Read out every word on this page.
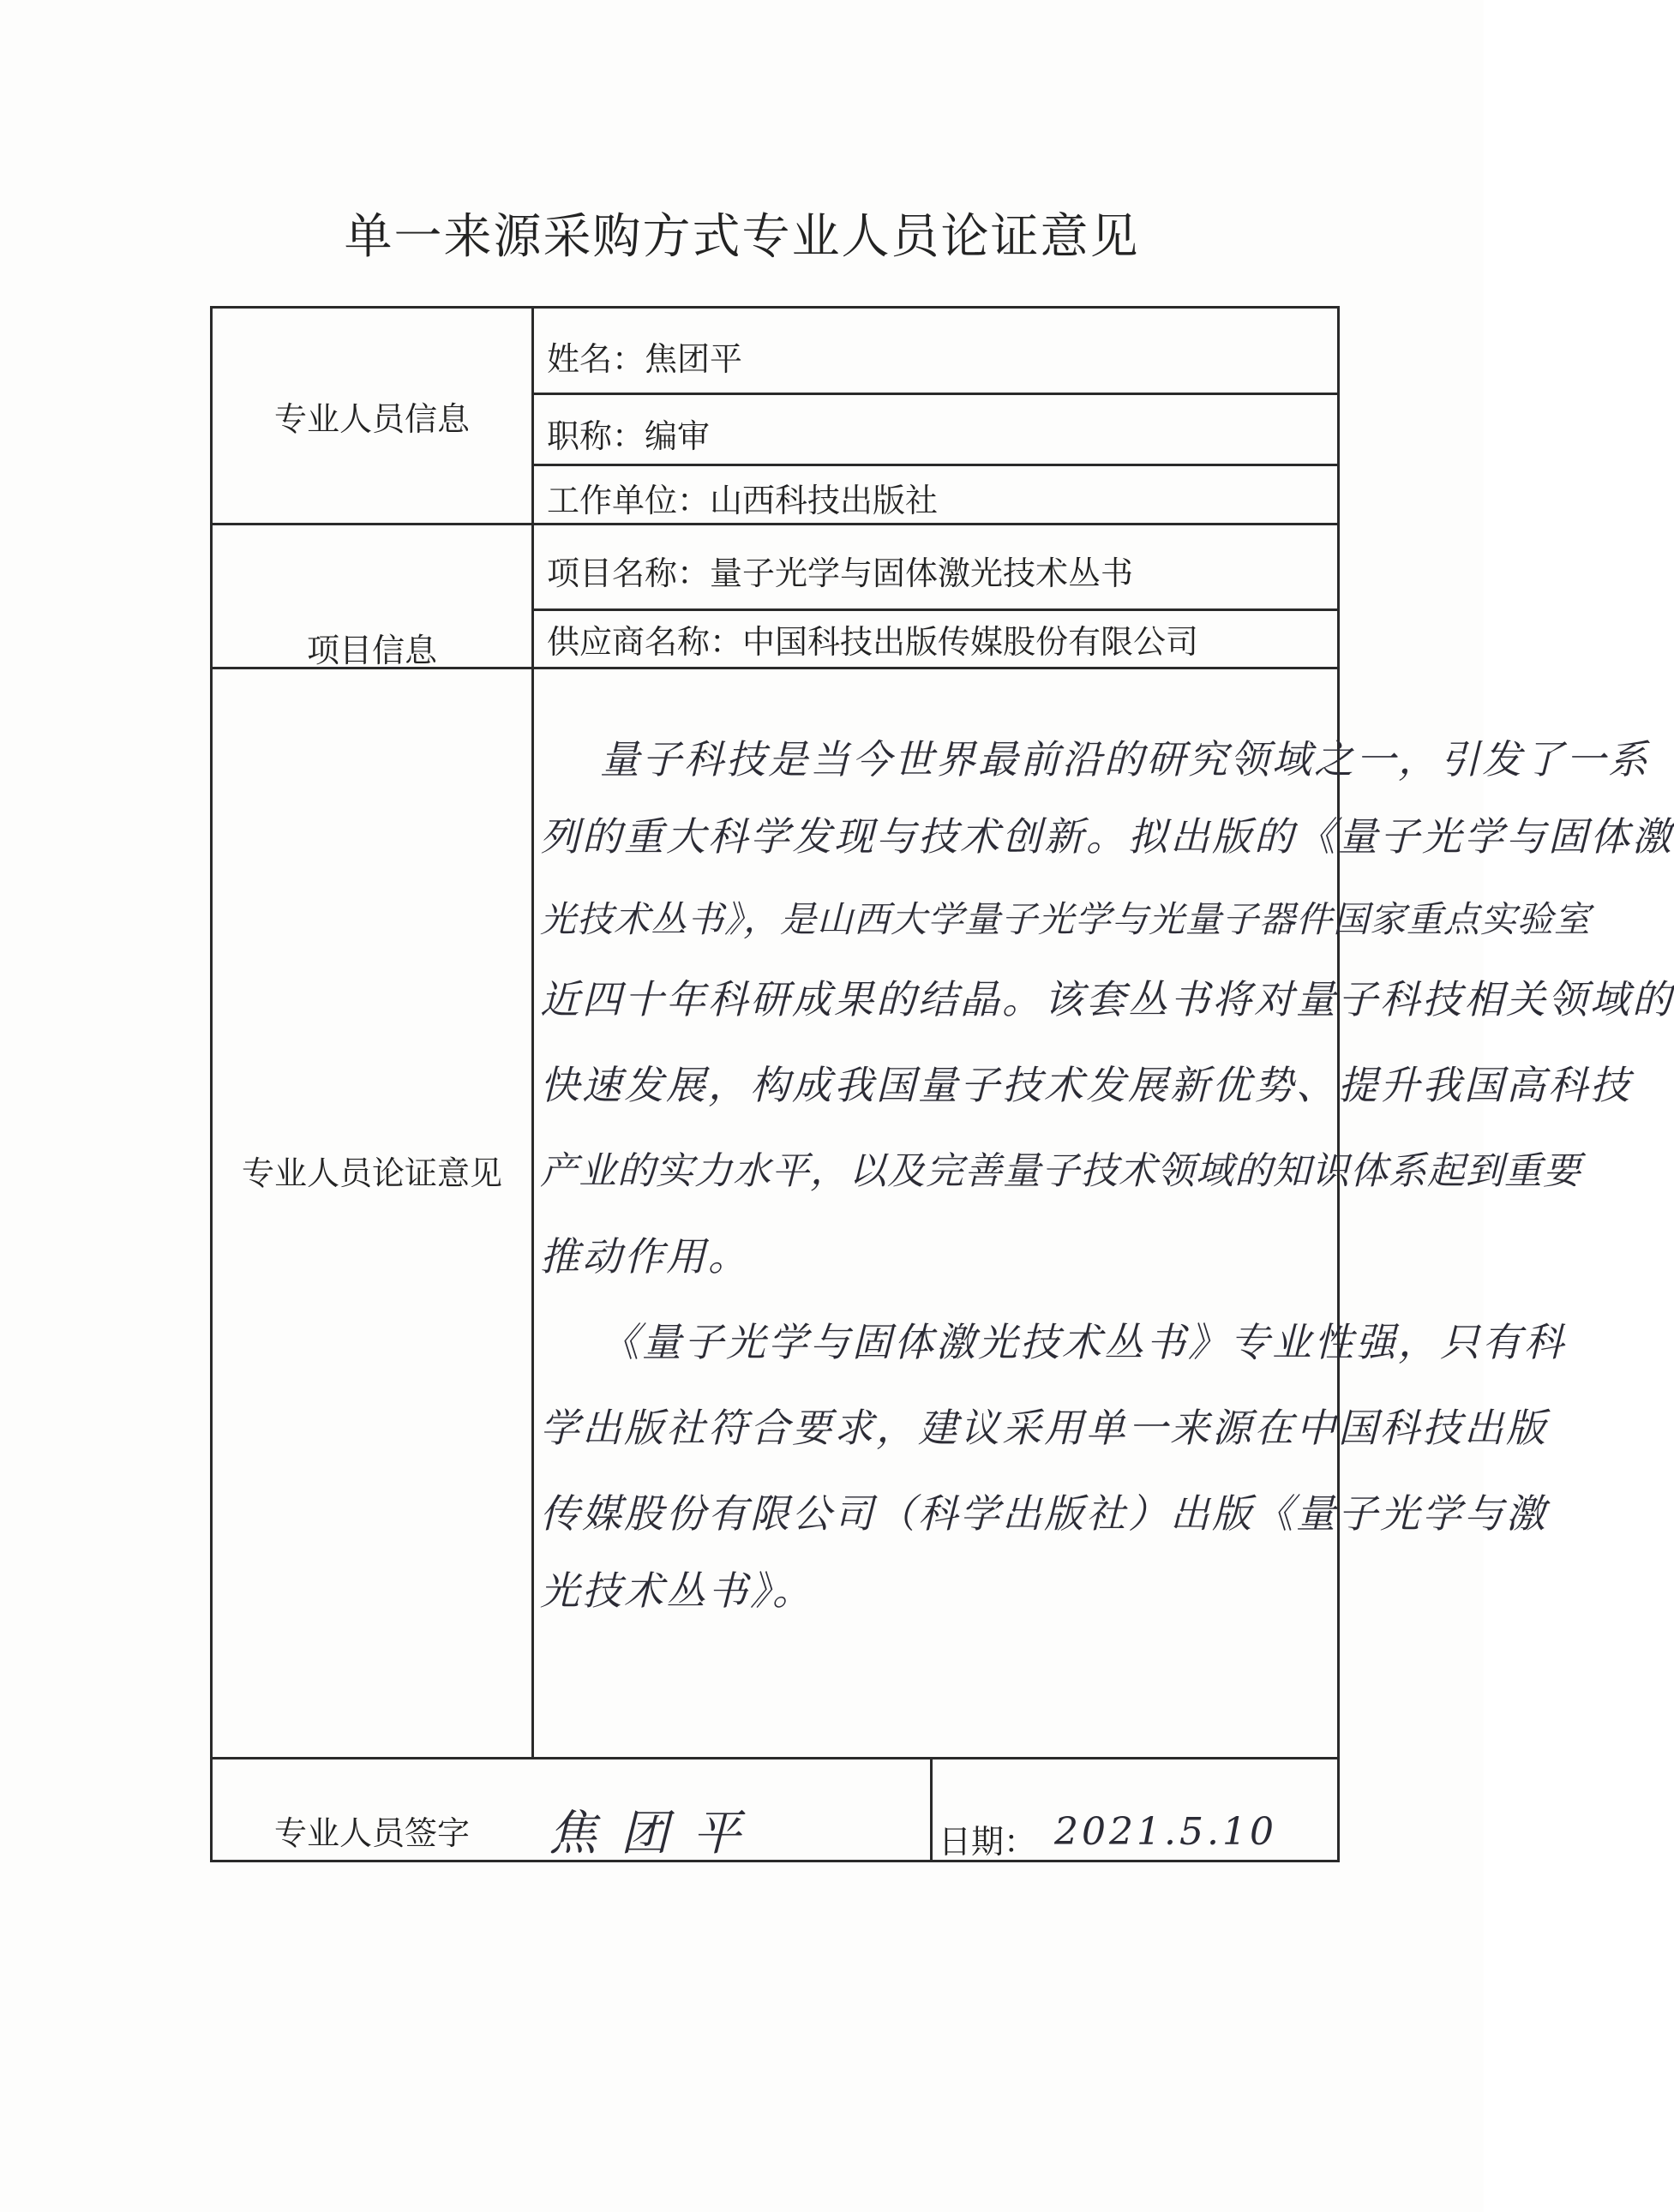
单一来源采购方式专业人员论证意见
专业人员信息
姓名：焦团平
职称：编审
工作单位：山西科技出版社
项目信息
项目名称：量子光学与固体激光技术丛书
供应商名称：中国科技出版传媒股份有限公司
专业人员论证意见
量子科技是当今世界最前沿的研究领域之一，引发了一系
列的重大科学发现与技术创新。拟出版的《量子光学与固体激
光技术丛书》，是山西大学量子光学与光量子器件国家重点实验室
近四十年科研成果的结晶。该套丛书将对量子科技相关领域的
快速发展，构成我国量子技术发展新优势、提升我国高科技
产业的实力水平，以及完善量子技术领域的知识体系起到重要
推动作用。
《量子光学与固体激光技术丛书》专业性强，只有科
学出版社符合要求，建议采用单一来源在中国科技出版
传媒股份有限公司（科学出版社）出版《量子光学与激
光技术丛书》。
专业人员签字	焦团平	日期： 2021.5.10
